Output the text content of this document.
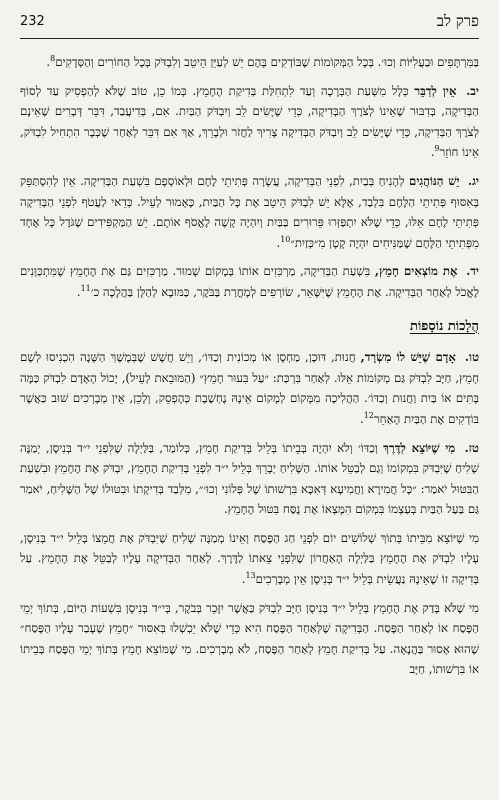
232	פרק לב

בַּמִּרְתָּפִים וּבַעֲלִיּוֹת וְכוּ׳. בְּכָל הַמְּקוֹמוֹת שֶׁבּוֹדְקִים בָּהֶם יֵשׁ לְעַיֵּן הֵיטֵב וְלִבְדֹּק בְּכָל הַחוֹרִים וְהַסְּדָקִים$^8$.

יב. אֵין לְדַבֵּר כְּלָל מִשְּׁעַת הַבְּרָכָה וְעַד לִתְחִלַּת בְּדִיקַת הֶחָמֵץ. כְּמוֹ כֵן, טוֹב שֶׁלֹּא לְהַפְסִיק עַד לְסוֹף הַבְּדִיקָה, בְּדִבּוּר שֶׁאֵינוֹ לְצֹרֶךְ הַבְּדִיקָה, כְּדֵי שֶׁיָּשִׂים לֵב וְיִבְדֹּק הַבַּיִת. אִם, בְּדִיעֲבַד, דִּבֵּר דְּבָרִים שֶׁאֵינָם לְצֹרֶךְ הַבְּדִיקָה, כְּדֵי שֶׁיָּשִׂים לֵב וְיִבְדֹּק הַבְּדִיקָה צָרִיךְ לַחֲזֹר וּלְבָרֵךְ, אַךְ אִם דִּבֵּר לְאַחַר שֶׁכְּבָר הִתְחִיל לִבְדֹּק, אֵינוֹ חוֹזֵר$^9$.

יג. יֵשׁ הַנּוֹהֲגִים לְהָנִיחַ בְּבַיִת, לִפְנֵי הַבְּדִיקָה, עֲשָׂרָה פְּתִיתֵי לֶחֶם וּלְאוֹסְפָם בִּשְׁעַת הַבְּדִיקָה. אֵין לְהִסְתַּפֵּק בְּאִסּוּף פְּתִיתֵי הַלֶּחֶם בִּלְבַד, אֶלָּא יֵשׁ לִבְדֹּק הֵיטֵב אֶת כָּל הַבַּיִת, כָּאָמוּר לְעֵיל. כְּדֵאי לַעֲטֹף לִפְנֵי הַבְּדִיקָה פְּתִיתֵי לֶחֶם אֵלּוּ, כְּדֵי שֶׁלֹּא יִתְפַּזְּרוּ פֵּרוּרִים בַּבַּיִת וְיִהְיֶה קָשֶׁה לֶאֱסֹף אוֹתָם. יֵשׁ הַמַּקְפִּידִים שֶׁגֹּדֶל כָּל אֶחָד מִפְּתִיתֵי הַלֶּחֶם שֶׁמַּנִּיחִים יִהְיֶה קָטָן מִ״כְּזַיִת״$^{10}$.

יד. אֶת מוֹצְאִים חָמֵץ, בִּשְׁעַת הַבְּדִיקָה, מַרְכִּזִים אוֹתוֹ בְּמָקוֹם שָׁמוּר. מַרְכִּזִים גַּם אֶת הֶחָמֵץ שֶׁמִּתְכַּוְּנִים לֶאֱכֹל לְאַחַר הַבְּדִיקָה. אֶת הֶחָמֵץ שֶׁיִּשָּׁאֵר, שׂוֹרְפִים לְמָחֳרַת בַּבֹּקֶר, כַּמּוּבָא לְהַלָּן בַּהֲלָכָה כ׳$^{11}$.

הֲלָכוֹת נוֹסָפוֹת

טו. אָדָם שֶׁיֵּשׁ לוֹ מִשְׂרָד, חֲנוּת, דּוּכָן, מַחְסָן אוֹ מְכוֹנִית וְכַדּוֹ׳, וְיֵשׁ חֲשָׁשׁ שֶׁבְּמֶשֶׁךְ הַשָּׁנָה הִכְנִיסוּ לְשָׁם חָמֵץ, חַיָּב לִבְדֹּק גַּם מְקוֹמוֹת אֵלּוּ. לְאַחַר בִּרְכַּת: ״עַל בִּעוּר חָמֵץ״ (הַמּוּבֵאת לְעֵיל), יָכוֹל הָאָדָם לִבְדֹּק כַּמָּה בָּתִּים אוֹ בַּיִת וַחֲנוּת וְכַדּוֹ׳. הַהֲלִיכָה מִמָּקוֹם לְמָקוֹם אֵינָהּ נֶחְשֶׁבֶת כְּהֶפְסֵק, וְלָכֵן, אֵין מְבָרְכִים שׁוּב כַּאֲשֶׁר בּוֹדְקִים אֶת הַבַּיִת הָאַחֵר$^{12}$.

טז. מִי שֶׁיּוֹצֵא לַדֶּרֶךְ וְכַדּוֹ׳ וְלֹא יִהְיֶה בְּבֵיתוֹ בְּלֵיל בְּדִיקַת חָמֵץ, כְּלוֹמַר, בַּלַּיְלָה שֶׁלִּפְנֵי י״ד בְּנִיסָן, יְמַנֶּה שָׁלִיחַ שֶׁיִּבְדֹּק בִּמְקוֹמוֹ וְגַם לְבַטֵּל אוֹתוֹ. הַשָּׁלִיחַ יְבָרֵךְ בְּלֵיל י״ד לִפְנֵי בְּדִיקַת הֶחָמֵץ, יִבְדֹּק אֶת הֶחָמֵץ וּבִשְׁעַת הַבִּטּוּל יֹאמַר: ״כָּל חֲמִירָא וַחֲמִיעָא דְּאִכָּא בִּרְשׁוּתוֹ שֶׁל פְּלוֹנִי וְכוּ׳״, מִלְּבַד בְּדִיקָתוֹ וּבִטּוּלוֹ שֶׁל הַשָּׁלִיחַ, יֹאמַר גַּם בַּעַל הַבַּיִת בְּעַצְמוֹ בִּמְקוֹם הִמָּצְאוֹ אֶת נֻסַּח בִּטּוּל הֶחָמֵץ.

מִי שֶׁיּוֹצֵא מִבֵּיתוֹ בְּתוֹךְ שְׁלוֹשִׁים יוֹם לִפְנֵי חַג הַפֶּסַח וְאֵינוֹ מְמַנֶּה שָׁלִיחַ שֶׁיִּבְדֹּק אֶת חֲמֵצוֹ בְּלֵיל י״ד בְּנִיסָן, עָלָיו לִבְדֹּק אֶת הֶחָמֵץ בַּלַּיְלָה הָאַחֲרוֹן שֶׁלִּפְנֵי צֵאתוֹ לַדֶּרֶךְ. לְאַחַר הַבְּדִיקָה עָלָיו לְבַטֵּל אֶת הֶחָמֵץ. עַל בְּדִיקָה זוֹ שֶׁאֵינָהּ נַעֲשֵׂית בְּלֵיל י״ד בְּנִיסָן אֵין מְבָרְכִים$^{13}$.

מִי שֶׁלֹּא בָּדַק אֶת הֶחָמֵץ בְּלֵיל י״ד בְּנִיסָן חַיָּב לִבְדֹּק כַּאֲשֶׁר יִזָּכֵר בְּבֹקֶר, בְּי״ד בְּנִיסָן בִּשְׁעוֹת הַיּוֹם, בְּתוֹךְ יְמֵי הַפֶּסַח אוֹ לְאַחַר הַפֶּסַח. הַבְּדִיקָה שֶׁלְּאַחַר הַפֶּסַח הִיא כְּדֵי שֶׁלֹּא יֵכְשְׁלוּ בְּאִסּוּר ״חָמֵץ שֶׁעָבַר עָלָיו הַפֶּסַח״ שֶׁהוּא אָסוּר בַּהֲנָאָה. עַל בְּדִיקַת חָמֵץ לְאַחַר הַפֶּסַח, לֹא מְבָרְכִים. מִי שֶׁמּוֹצֵא חָמֵץ בְּתוֹךְ יְמֵי הַפֶּסַח בְּבֵיתוֹ אוֹ בִּרְשׁוּתוֹ, חַיָּב
